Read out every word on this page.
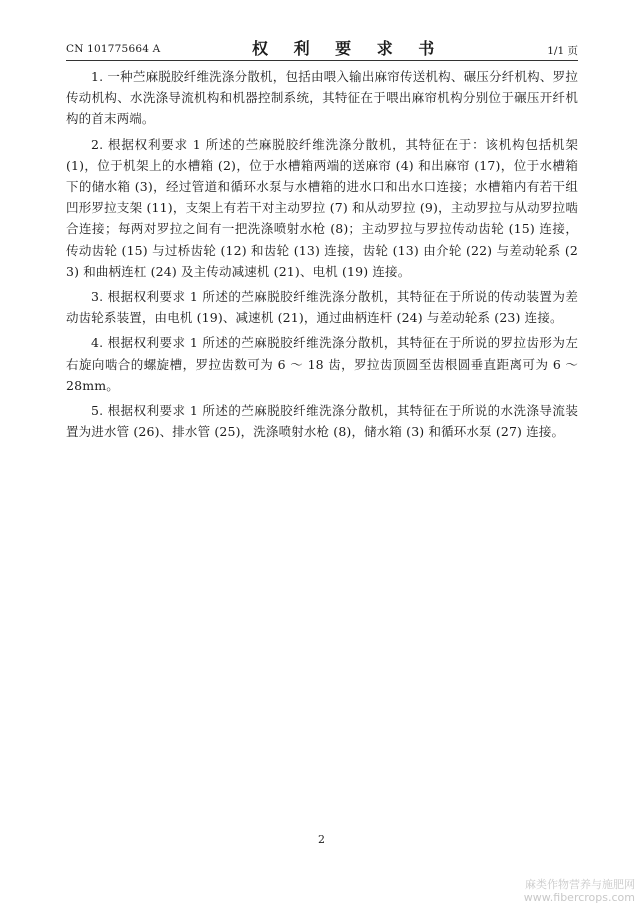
CN 101775664 A	权 利 要 求 书	1/1 页

1. 一种苎麻脱胶纤维洗涤分散机，包括由喂入输出麻帘传送机构、碾压分纤机构、罗拉传动机构、水洗涤导流机构和机器控制系统，其特征在于喂出麻帘机构分别位于碾压开纤机构的首末两端。

2. 根据权利要求 1 所述的苎麻脱胶纤维洗涤分散机，其特征在于：该机构包括机架 (1)，位于机架上的水槽箱 (2)，位于水槽箱两端的送麻帘 (4) 和出麻帘 (17)，位于水槽箱下的储水箱 (3)，经过管道和循环水泵与水槽箱的进水口和出水口连接；水槽箱内有若干组凹形罗拉支架 (11)，支架上有若干对主动罗拉 (7) 和从动罗拉 (9)，主动罗拉与从动罗拉啮合连接；每两对罗拉之间有一把洗涤喷射水枪 (8)；主动罗拉与罗拉传动齿轮 (15) 连接，传动齿轮 (15) 与过桥齿轮 (12) 和齿轮 (13) 连接，齿轮 (13) 由介轮 (22) 与差动轮系 (23) 和曲柄连杠 (24) 及主传动减速机 (21)、电机 (19) 连接。

3. 根据权利要求 1 所述的苎麻脱胶纤维洗涤分散机，其特征在于所说的传动装置为差动齿轮系装置，由电机 (19)、减速机 (21)，通过曲柄连杆 (24) 与差动轮系 (23) 连接。

4. 根据权利要求 1 所述的苎麻脱胶纤维洗涤分散机，其特征在于所说的罗拉齿形为左右旋向啮合的螺旋槽，罗拉齿数可为 6 ～ 18 齿，罗拉齿顶圆至齿根圆垂直距离可为 6 ～ 28mm。

5. 根据权利要求 1 所述的苎麻脱胶纤维洗涤分散机，其特征在于所说的水洗涤导流装置为进水管 (26)、排水管 (25)，洗涤喷射水枪 (8)，储水箱 (3) 和循环水泵 (27) 连接。

2
麻类作物营养与施肥网
www.fibercrops.com
